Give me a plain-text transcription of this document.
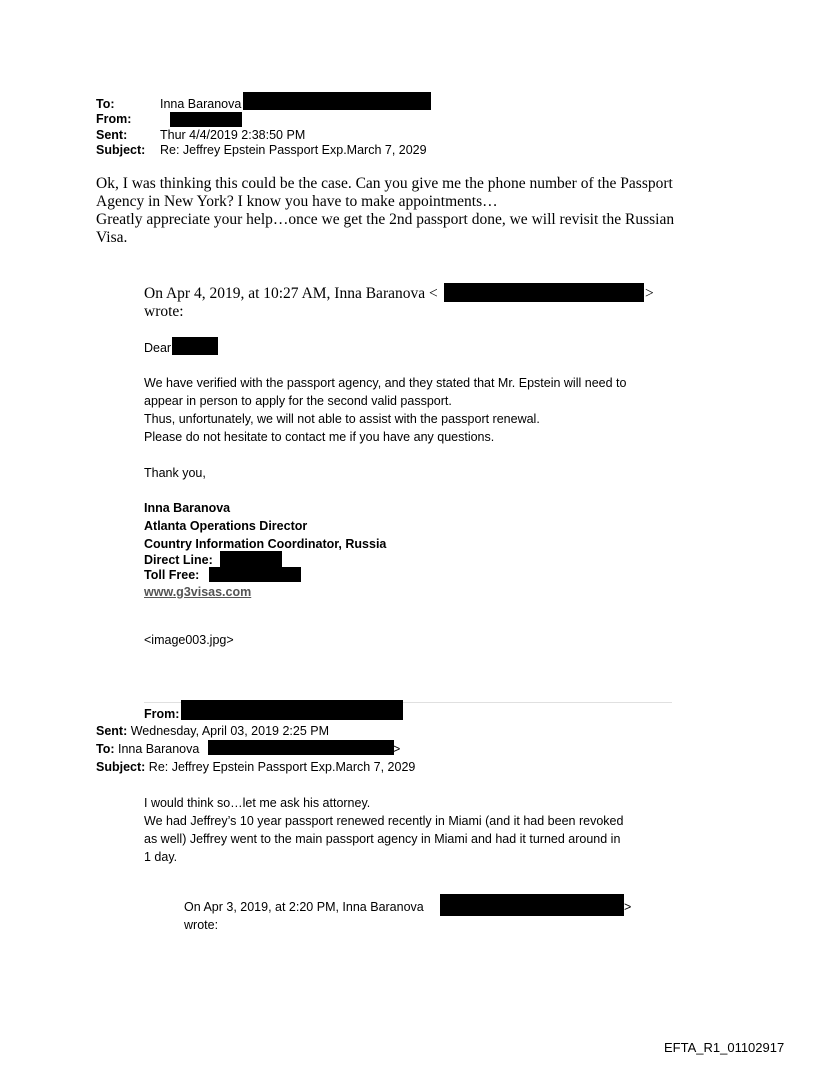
To:	Inna Baranova
From:
Sent:	Thur 4/4/2019 2:38:50 PM
Subject: Re: Jeffrey Epstein Passport Exp.March 7, 2029
Ok, I was thinking this could be the case. Can you give me the phone number of the Passport
Agency in New York? I know you have to make appointments…
Greatly appreciate your help…once we get the 2nd passport done, we will revisit the Russian
Visa.
On Apr 4, 2019, at 10:27 AM, Inna Baranova <	>
wrote:
Dear
We have verified with the passport agency, and they stated that Mr. Epstein will need to
appear in person to apply for the second valid passport.
Thus, unfortunately, we will not able to assist with the passport renewal.
Please do not hesitate to contact me if you have any questions.
Thank you,
Inna Baranova
Atlanta Operations Director
Country Information Coordinator, Russia
Direct Line:
Toll Free:
www.g3visas.com
<image003.jpg>
From:
Sent: Wednesday, April 03, 2019 2:25 PM
To: Inna Baranova	>
Subject: Re: Jeffrey Epstein Passport Exp.March 7, 2029
I would think so…let me ask his attorney.
We had Jeffrey’s 10 year passport renewed recently in Miami (and it had been revoked
as well) Jeffrey went to the main passport agency in Miami and had it turned around in
1 day.
On Apr 3, 2019, at 2:20 PM, Inna Baranova	>
wrote:
EFTA_R1_01102917
